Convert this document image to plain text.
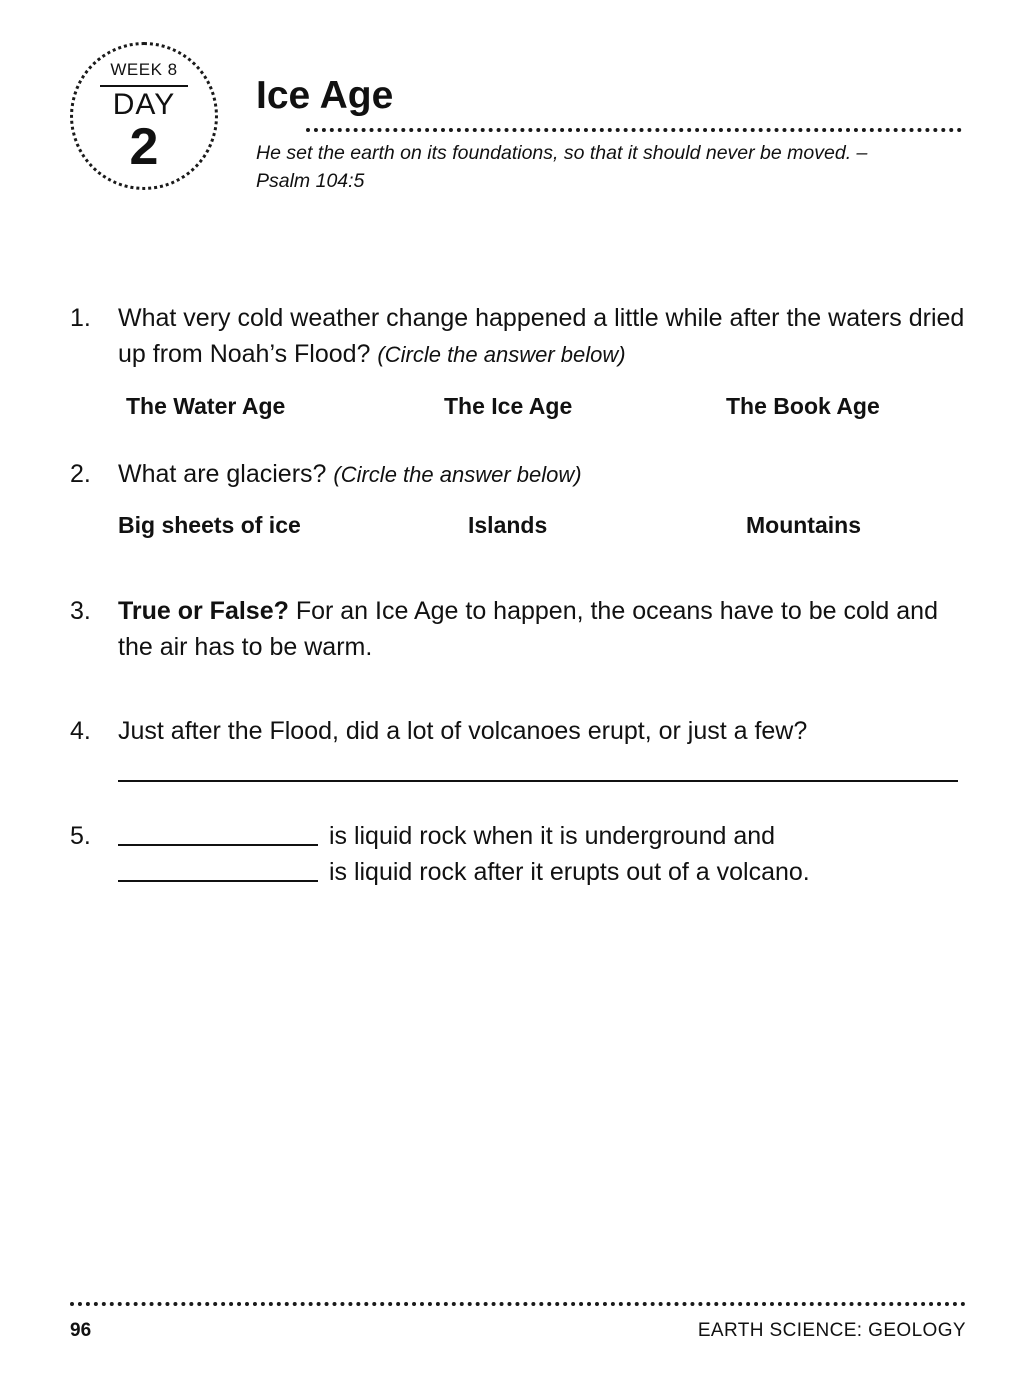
WEEK 8
DAY
2
Ice Age
He set the earth on its foundations, so that it should never be moved. – Psalm 104:5
1.	What very cold weather change happened a little while after the waters dried up from Noah’s Flood? (Circle the answer below)
The Water Age	The Ice Age	The Book Age
2.	What are glaciers? (Circle the answer below)
Big sheets of ice	Islands	Mountains
3.	True or False? For an Ice Age to happen, the oceans have to be cold and the air has to be warm.
4.	Just after the Flood, did a lot of volcanoes erupt, or just a few?
5.	is liquid rock when it is underground and
is liquid rock after it erupts out of a volcano.
96	EARTH SCIENCE: GEOLOGY
